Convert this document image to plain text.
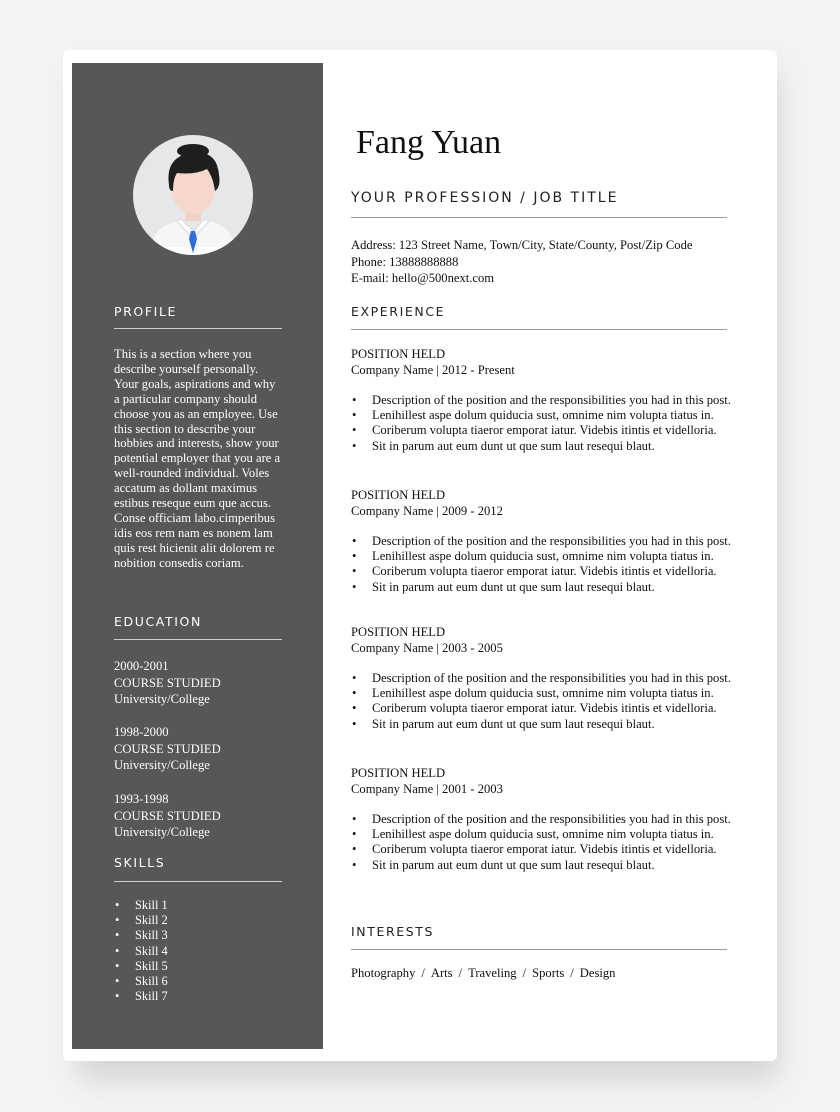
PROFILE
This is a section where you describe yourself personally. Your goals, aspirations and why a particular company should choose you as an employee. Use this section to describe your hobbies and interests, show your potential employer that you are a well-rounded individual. Voles accatum as dollant maximus estibus reseque eum que accus. Conse officiam labo.cimperibus idis eos rem nam es nonem lam quis rest hicienit alit dolorem re nobition consedis coriam.
EDUCATION
2000-2001
COURSE STUDIED
University/College
1998-2000
COURSE STUDIED
University/College
1993-1998
COURSE STUDIED
University/College
SKILLS
• Skill 1
• Skill 2
• Skill 3
• Skill 4
• Skill 5
• Skill 6
• Skill 7
Fang Yuan
YOUR PROFESSION / JOB TITLE
Address: 123 Street Name, Town/City, State/County, Post/Zip Code
Phone: 13888888888
E-mail: hello@500next.com
EXPERIENCE
POSITION HELD
Company Name | 2012 - Present
• Description of the position and the responsibilities you had in this post.
• Lenihillest aspe dolum quiducia sust, omnime nim volupta tiatus in.
• Coriberum volupta tiaeror emporat iatur. Videbis itintis et videlloria.
• Sit in parum aut eum dunt ut que sum laut resequi blaut.
POSITION HELD
Company Name | 2009 - 2012
• Description of the position and the responsibilities you had in this post.
• Lenihillest aspe dolum quiducia sust, omnime nim volupta tiatus in.
• Coriberum volupta tiaeror emporat iatur. Videbis itintis et videlloria.
• Sit in parum aut eum dunt ut que sum laut resequi blaut.
POSITION HELD
Company Name | 2003 - 2005
• Description of the position and the responsibilities you had in this post.
• Lenihillest aspe dolum quiducia sust, omnime nim volupta tiatus in.
• Coriberum volupta tiaeror emporat iatur. Videbis itintis et videlloria.
• Sit in parum aut eum dunt ut que sum laut resequi blaut.
POSITION HELD
Company Name | 2001 - 2003
• Description of the position and the responsibilities you had in this post.
• Lenihillest aspe dolum quiducia sust, omnime nim volupta tiatus in.
• Coriberum volupta tiaeror emporat iatur. Videbis itintis et videlloria.
• Sit in parum aut eum dunt ut que sum laut resequi blaut.
INTERESTS
Photography / Arts / Traveling / Sports / Design
